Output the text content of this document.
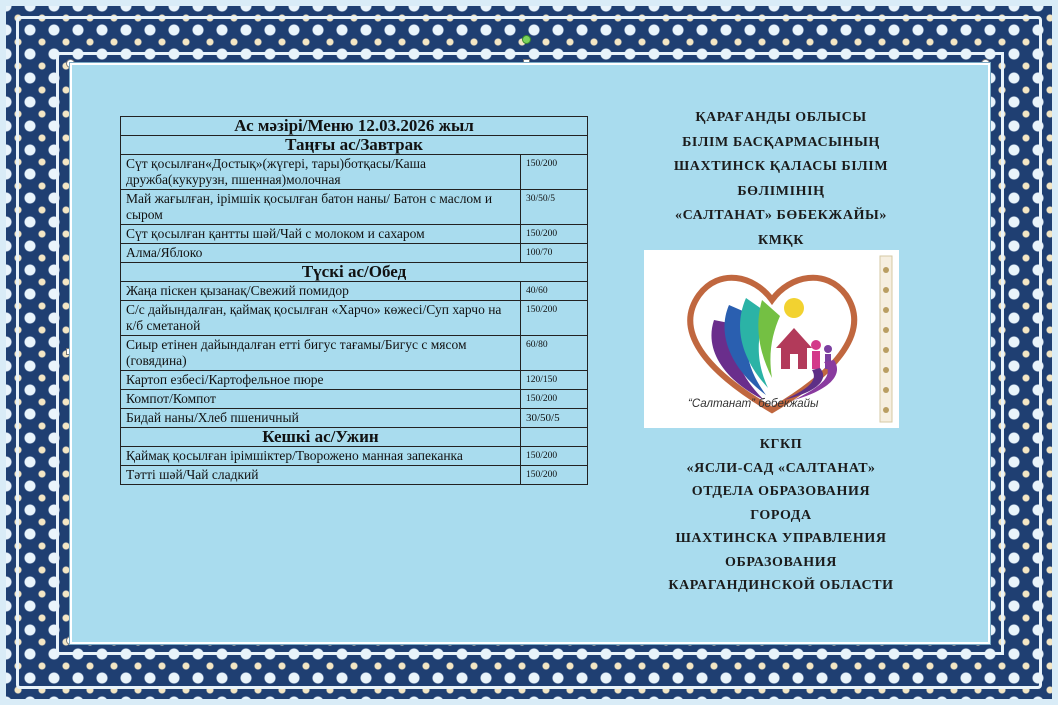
Ас мәзірі/Меню 12.03.2026 жыл	
Таңғы ас/Завтрак	
Сүт қосылған«Достық»(жүгері, тары)ботқасы/Каша дружба(кукурузн, пшенная)молочная	150/200
Май жағылған, ірімшік қосылған батон наны/ Батон с маслом и сыром	30/50/5
Сүт қосылған қантты шәй/Чай с молоком и сахаром	150/200
Алма/Яблоко	100/70
Түскі ас/Обед	
Жаңа піскен қызанақ/Свежий помидор	40/60
С/с дайындалған, қаймақ қосылған «Харчо» көжесі/Суп харчо на к/б сметаной	150/200
Сиыр етінен дайындалған етті бигус тағамы/Бигус с мясом (говядина)	60/80
Картоп езбесі/Картофельное пюре	120/150
Компот/Компот	150/200
Бидай наны/Хлеб пшеничный	30/50/5
Кешкі ас/Ужин	
Қаймақ қосылған ірімшіктер/Творожено манная запеканка	150/200
Тәтті шәй/Чай сладкий	150/200
ҚАРАҒАНДЫ ОБЛЫСЫ
БІЛІМ БАСҚАРМАСЫНЫҢ
ШАХТИНСК ҚАЛАСЫ БІЛІМ
БӨЛІМІНІҢ
«САЛТАНАТ» БӨБЕКЖАЙЫ»
КМҚК
“Салтанат” бөбекжайы
КГКП
«ЯСЛИ-САД «САЛТАНАТ»
ОТДЕЛА ОБРАЗОВАНИЯ
ГОРОДА
ШАХТИНСКА УПРАВЛЕНИЯ
ОБРАЗОВАНИЯ
КАРАГАНДИНСКОЙ ОБЛАСТИ
